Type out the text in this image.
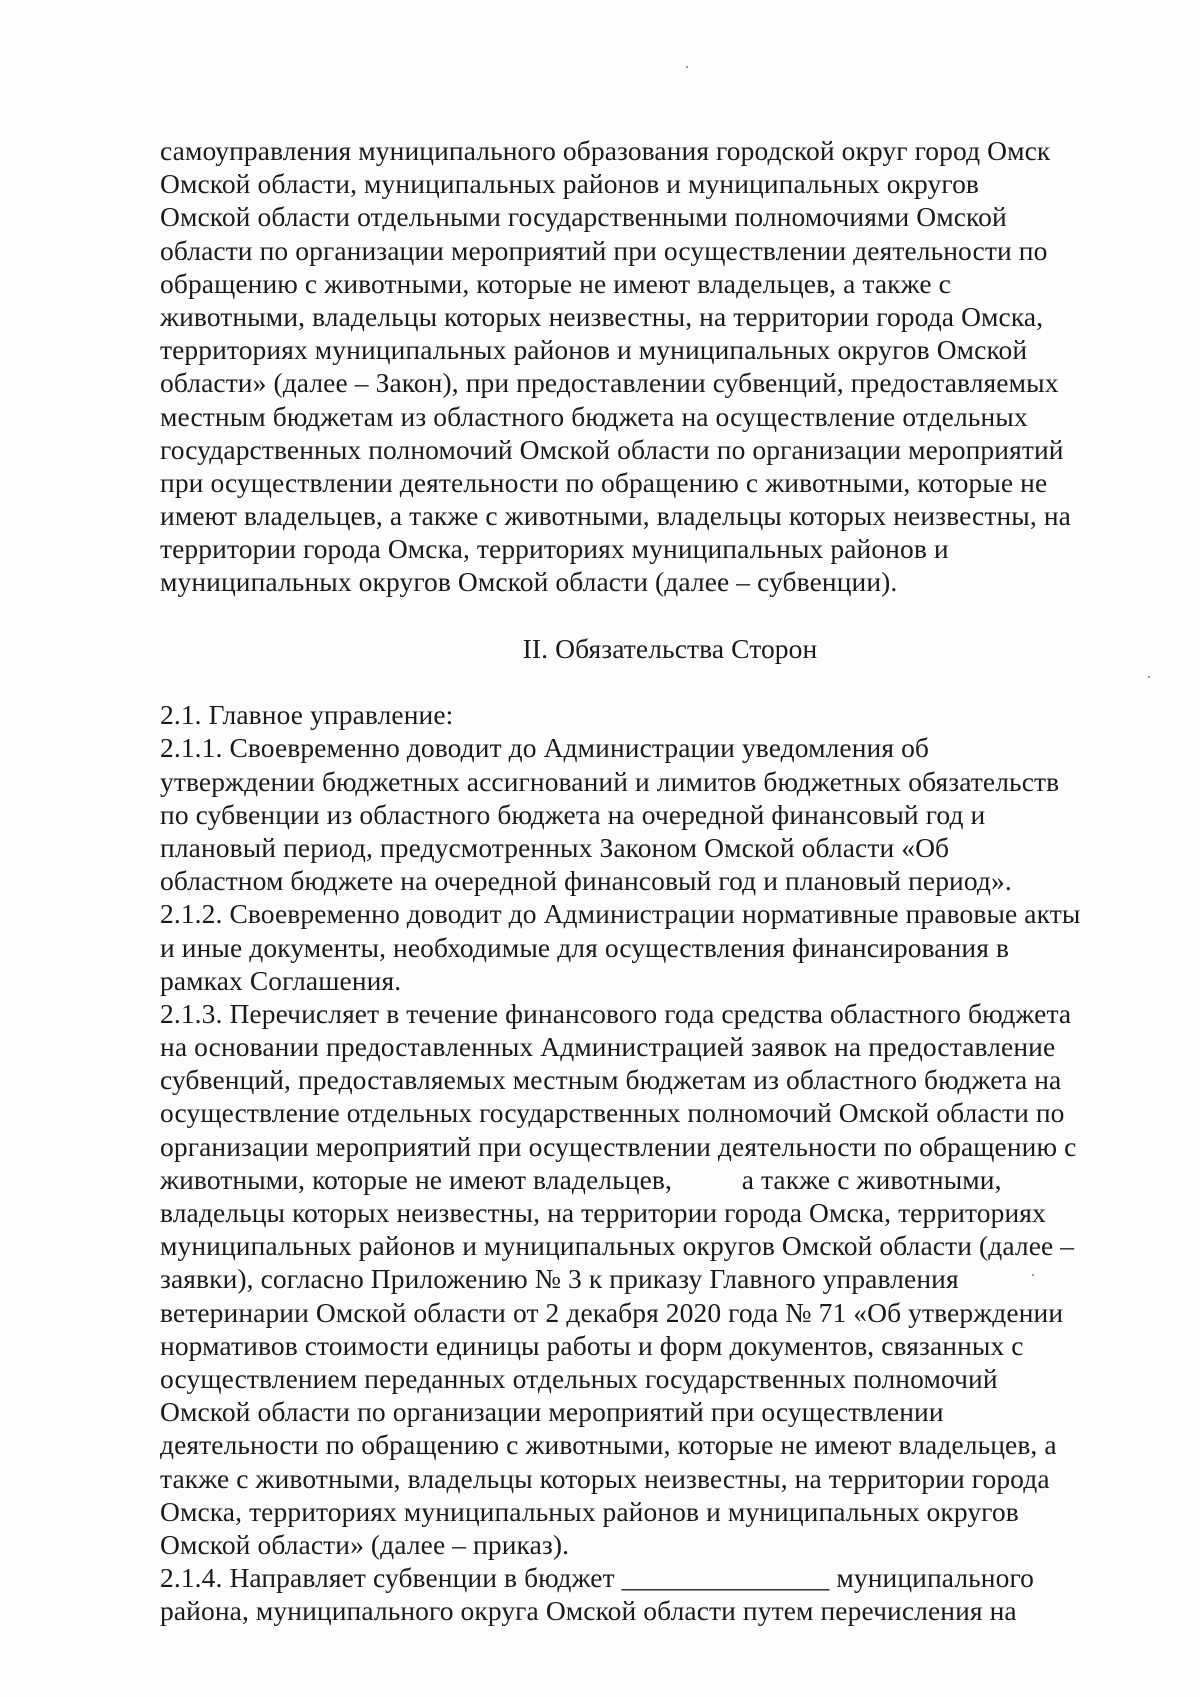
самоуправления муниципального образования городской округ город Омск
Омской области, муниципальных районов и муниципальных округов
Омской области отдельными государственными полномочиями Омской
области по организации мероприятий при осуществлении деятельности по
обращению с животными, которые не имеют владельцев, а также с
животными, владельцы которых неизвестны, на территории города Омска,
территориях муниципальных районов и муниципальных округов Омской
области» (далее – Закон), при предоставлении субвенций, предоставляемых
местным бюджетам из областного бюджета на осуществление отдельных
государственных полномочий Омской области по организации мероприятий
при осуществлении деятельности по обращению с животными, которые не
имеют владельцев, а также с животными, владельцы которых неизвестны, на
территории города Омска, территориях муниципальных районов и
муниципальных округов Омской области (далее – субвенции).
II. Обязательства Сторон
2.1. Главное управление:
2.1.1. Своевременно доводит до Администрации уведомления об
утверждении бюджетных ассигнований и лимитов бюджетных обязательств
по субвенции из областного бюджета на очередной финансовый год и
плановый период, предусмотренных Законом Омской области «Об
областном бюджете на очередной финансовый год и плановый период».
2.1.2. Своевременно доводит до Администрации нормативные правовые акты
и иные документы, необходимые для осуществления финансирования в
рамках Соглашения.
2.1.3. Перечисляет в течение финансового года средства областного бюджета
на основании предоставленных Администрацией заявок на предоставление
субвенций, предоставляемых местным бюджетам из областного бюджета на
осуществление отдельных государственных полномочий Омской области по
организации мероприятий при осуществлении деятельности по обращению с
животными, которые не имеют владельцев,          а также с животными,
владельцы которых неизвестны, на территории города Омска, территориях
муниципальных районов и муниципальных округов Омской области (далее –
заявки), согласно Приложению № 3 к приказу Главного управления
ветеринарии Омской области от 2 декабря 2020 года № 71 «Об утверждении
нормативов стоимости единицы работы и форм документов, связанных с
осуществлением переданных отдельных государственных полномочий
Омской области по организации мероприятий при осуществлении
деятельности по обращению с животными, которые не имеют владельцев, а
также с животными, владельцы которых неизвестны, на территории города
Омска, территориях муниципальных районов и муниципальных округов
Омской области» (далее – приказ).
2.1.4. Направляет субвенции в бюджет _______________ муниципального
района, муниципального округа Омской области путем перечисления на
